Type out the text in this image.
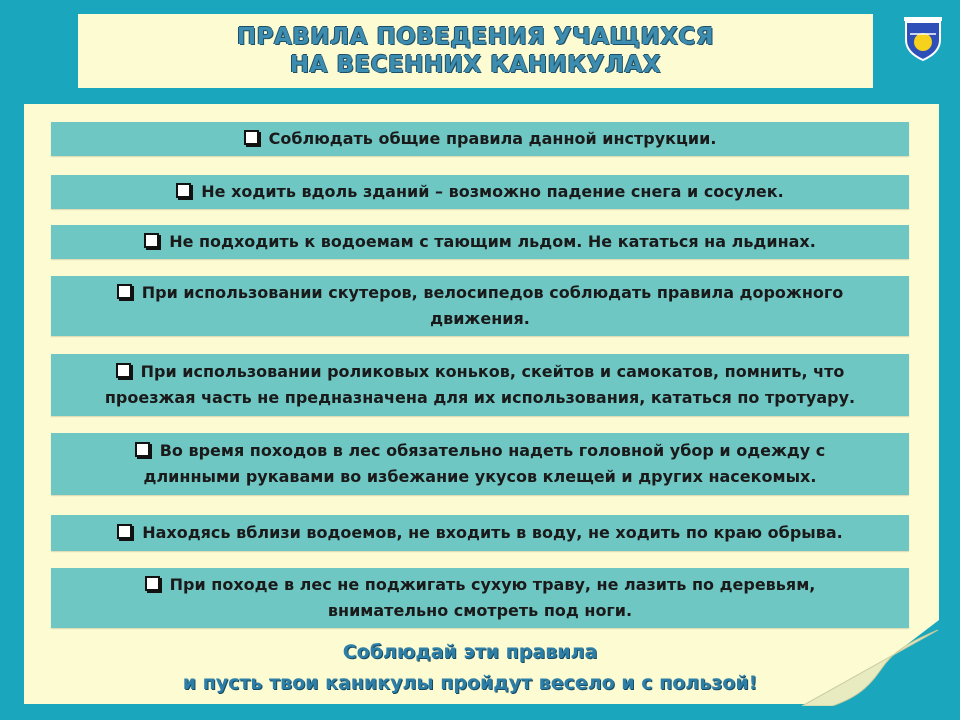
ПРАВИЛА ПОВЕДЕНИЯ УЧАЩИХСЯ
НА ВЕСЕННИХ КАНИКУЛАХ
Соблюдать общие правила данной инструкции.
Не ходить вдоль зданий – возможно падение снега и сосулек.
Не подходить к водоемам с тающим льдом. Не кататься на льдинах.
При использовании скутеров, велосипедов соблюдать правила дорожного
движения.
При использовании роликовых коньков, скейтов и самокатов, помнить, что
проезжая часть не предназначена для их использования, кататься по тротуару.
Во время походов в лес обязательно надеть головной убор и одежду с
длинными рукавами во избежание укусов клещей и других насекомых.
Находясь вблизи водоемов, не входить в воду, не ходить по краю обрыва.
При походе в лес не поджигать сухую траву, не лазить по деревьям,
внимательно смотреть под ноги.
Соблюдай эти правила
и пусть твои каникулы пройдут весело и с пользой!
